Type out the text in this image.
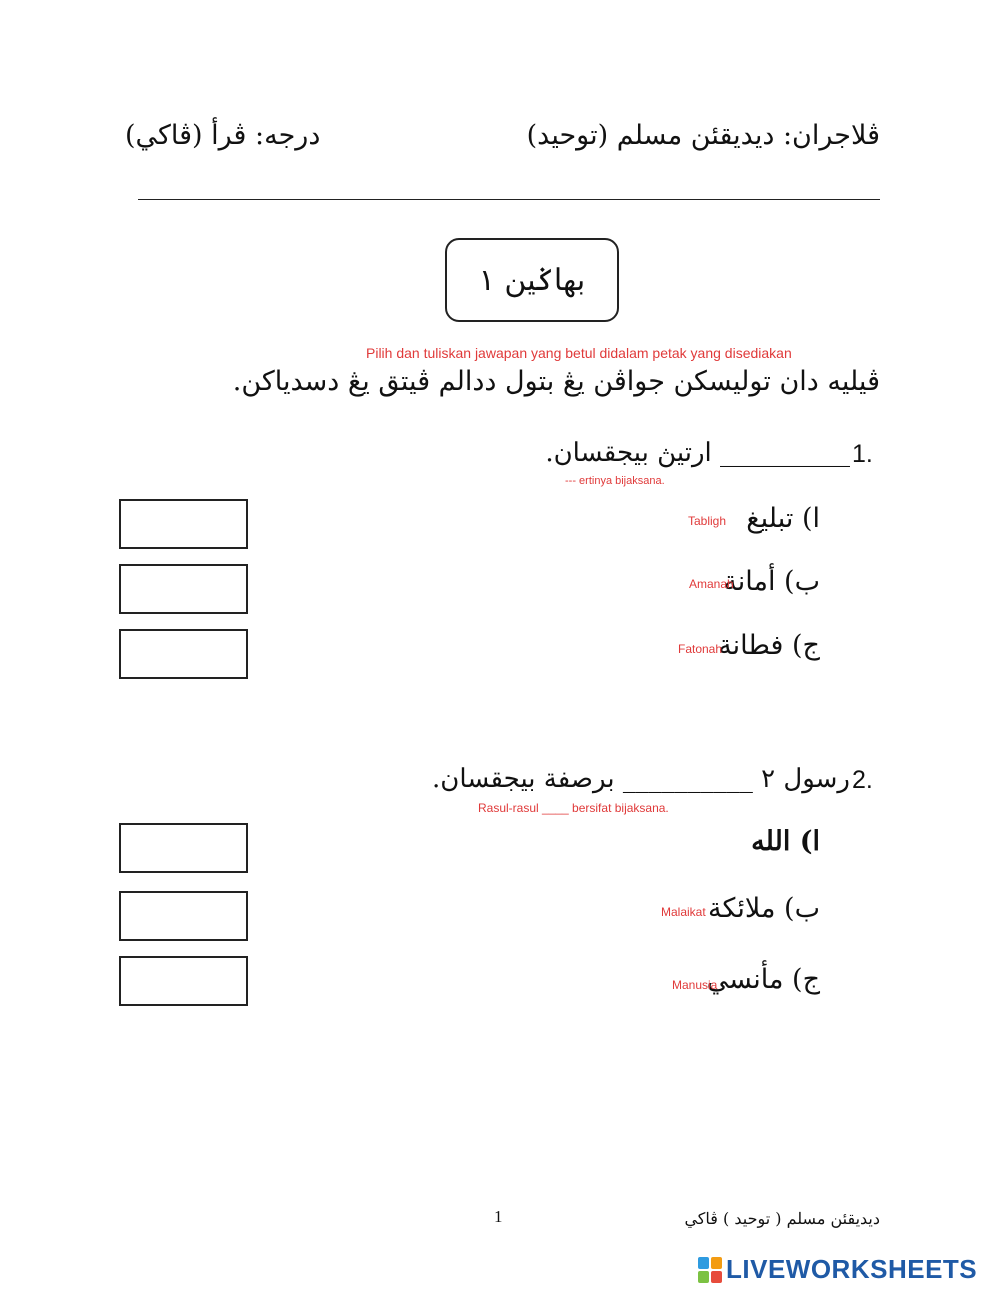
ڤلاجران: ديديقئن مسلم (توحيد)
درجه: ڤرأ (ڤاكي)
بهاݢين ١
Pilih dan tuliskan jawapan yang betul didalam petak yang disediakan
ڤيليه دان توليسكن جواڤن يڠ بتول ددالم ڤيتق يڠ دسدياكن.
1.
__________ ارتيڽ بيجقسان.
--- ertinya bijaksana.
ا) تبليغ
Tabligh
ب) أمانة
Amanah
ج) فطانة
Fatonah
2.
رسول ٢ __________ برصفة بيجقسان.
Rasul-rasul ____ bersifat bijaksana.
ا) الله
ب) ملائكة
Malaikat
ج) مأنسي
Manusia
1	ديديقئن مسلم ( توحيد ) ڤاكي
LIVEWORKSHEETS
